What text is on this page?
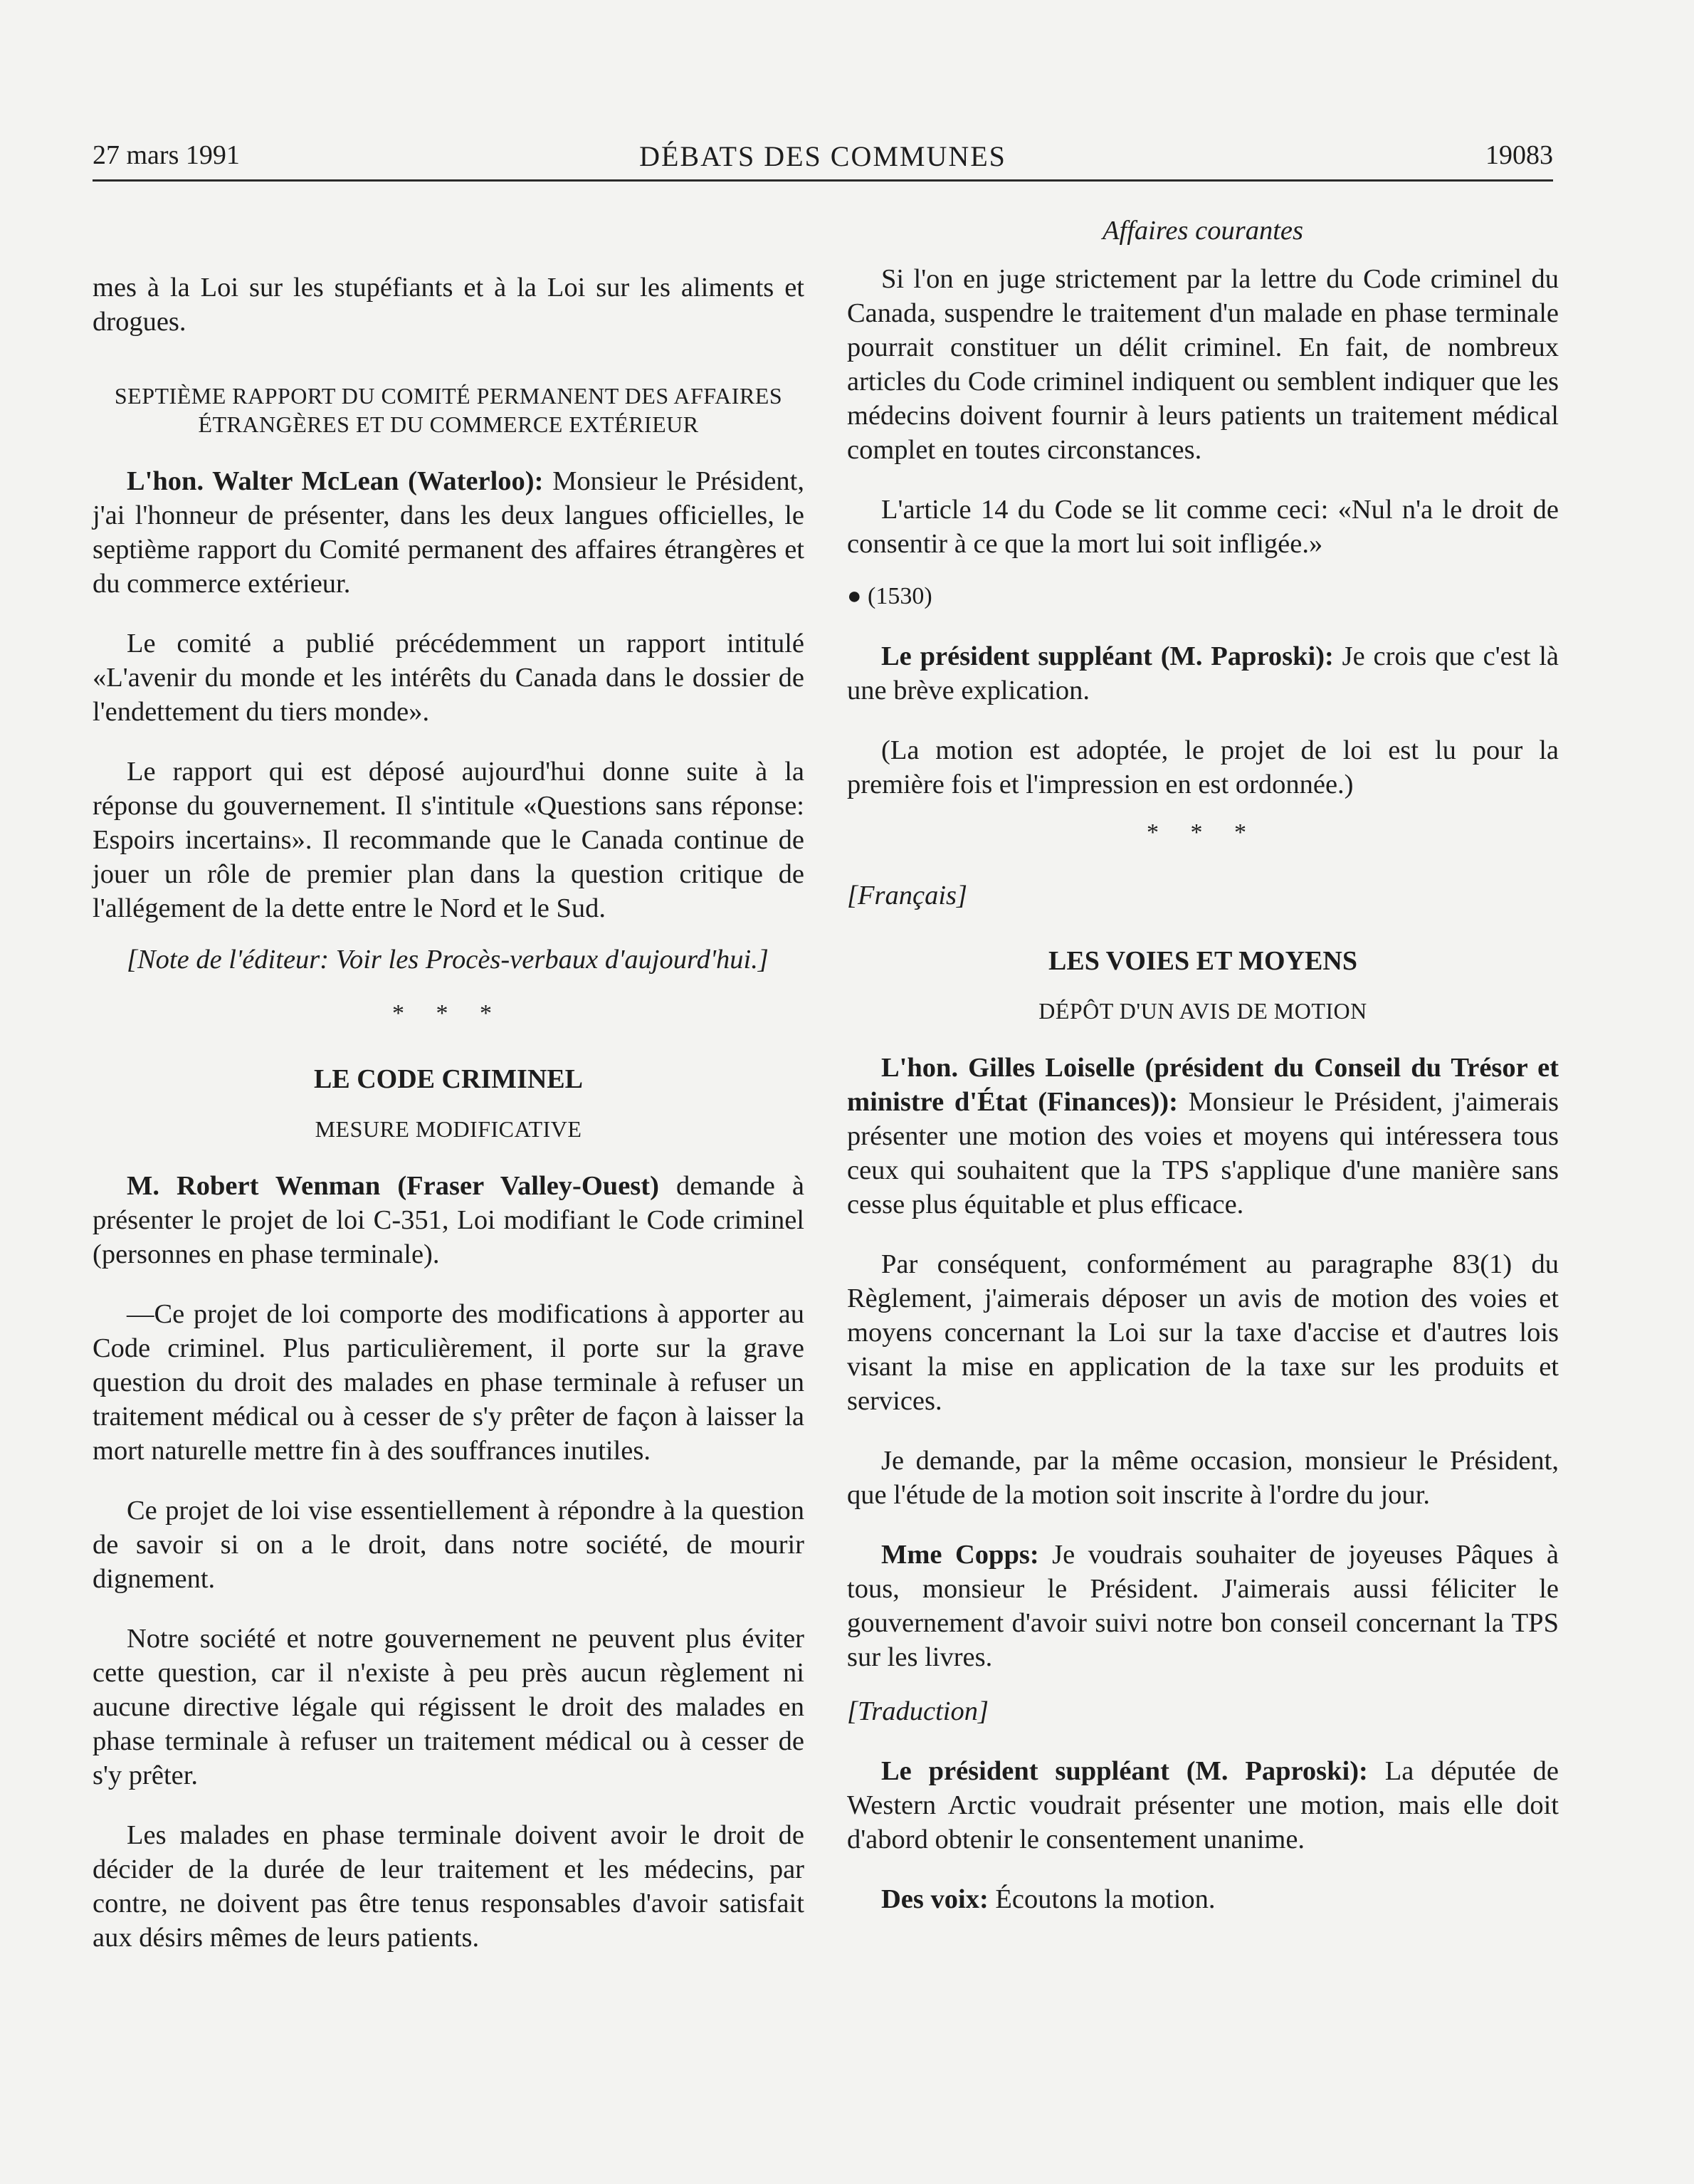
27 mars 1991	DÉBATS DES COMMUNES	19083

mes à la Loi sur les stupéfiants et à la Loi sur les aliments et drogues.

SEPTIÈME RAPPORT DU COMITÉ PERMANENT DES AFFAIRES ÉTRANGÈRES ET DU COMMERCE EXTÉRIEUR

L'hon. Walter McLean (Waterloo): Monsieur le Président, j'ai l'honneur de présenter, dans les deux langues officielles, le septième rapport du Comité permanent des affaires étrangères et du commerce extérieur.

Le comité a publié précédemment un rapport intitulé «L'avenir du monde et les intérêts du Canada dans le dossier de l'endettement du tiers monde».

Le rapport qui est déposé aujourd'hui donne suite à la réponse du gouvernement. Il s'intitule «Questions sans réponse: Espoirs incertains». Il recommande que le Canada continue de jouer un rôle de premier plan dans la question critique de l'allégement de la dette entre le Nord et le Sud.

[Note de l'éditeur: Voir les Procès-verbaux d'aujourd'hui.]

* * *

LE CODE CRIMINEL

MESURE MODIFICATIVE

M. Robert Wenman (Fraser Valley-Ouest) demande à présenter le projet de loi C-351, Loi modifiant le Code criminel (personnes en phase terminale).

—Ce projet de loi comporte des modifications à apporter au Code criminel. Plus particulièrement, il porte sur la grave question du droit des malades en phase terminale à refuser un traitement médical ou à cesser de s'y prêter de façon à laisser la mort naturelle mettre fin à des souffrances inutiles.

Ce projet de loi vise essentiellement à répondre à la question de savoir si on a le droit, dans notre société, de mourir dignement.

Notre société et notre gouvernement ne peuvent plus éviter cette question, car il n'existe à peu près aucun règlement ni aucune directive légale qui régissent le droit des malades en phase terminale à refuser un traitement médical ou à cesser de s'y prêter.

Les malades en phase terminale doivent avoir le droit de décider de la durée de leur traitement et les médecins, par contre, ne doivent pas être tenus responsables d'avoir satisfait aux désirs mêmes de leurs patients.

Affaires courantes

Si l'on en juge strictement par la lettre du Code criminel du Canada, suspendre le traitement d'un malade en phase terminale pourrait constituer un délit criminel. En fait, de nombreux articles du Code criminel indiquent ou semblent indiquer que les médecins doivent fournir à leurs patients un traitement médical complet en toutes circonstances.

L'article 14 du Code se lit comme ceci: «Nul n'a le droit de consentir à ce que la mort lui soit infligée.»

● (1530)

Le président suppléant (M. Paproski): Je crois que c'est là une brève explication.

(La motion est adoptée, le projet de loi est lu pour la première fois et l'impression en est ordonnée.)

* * *

[Français]

LES VOIES ET MOYENS

DÉPÔT D'UN AVIS DE MOTION

L'hon. Gilles Loiselle (président du Conseil du Trésor et ministre d'État (Finances)): Monsieur le Président, j'aimerais présenter une motion des voies et moyens qui intéressera tous ceux qui souhaitent que la TPS s'applique d'une manière sans cesse plus équitable et plus efficace.

Par conséquent, conformément au paragraphe 83(1) du Règlement, j'aimerais déposer un avis de motion des voies et moyens concernant la Loi sur la taxe d'accise et d'autres lois visant la mise en application de la taxe sur les produits et services.

Je demande, par la même occasion, monsieur le Président, que l'étude de la motion soit inscrite à l'ordre du jour.

Mme Copps: Je voudrais souhaiter de joyeuses Pâques à tous, monsieur le Président. J'aimerais aussi féliciter le gouvernement d'avoir suivi notre bon conseil concernant la TPS sur les livres.

[Traduction]

Le président suppléant (M. Paproski): La députée de Western Arctic voudrait présenter une motion, mais elle doit d'abord obtenir le consentement unanime.

Des voix: Écoutons la motion.
